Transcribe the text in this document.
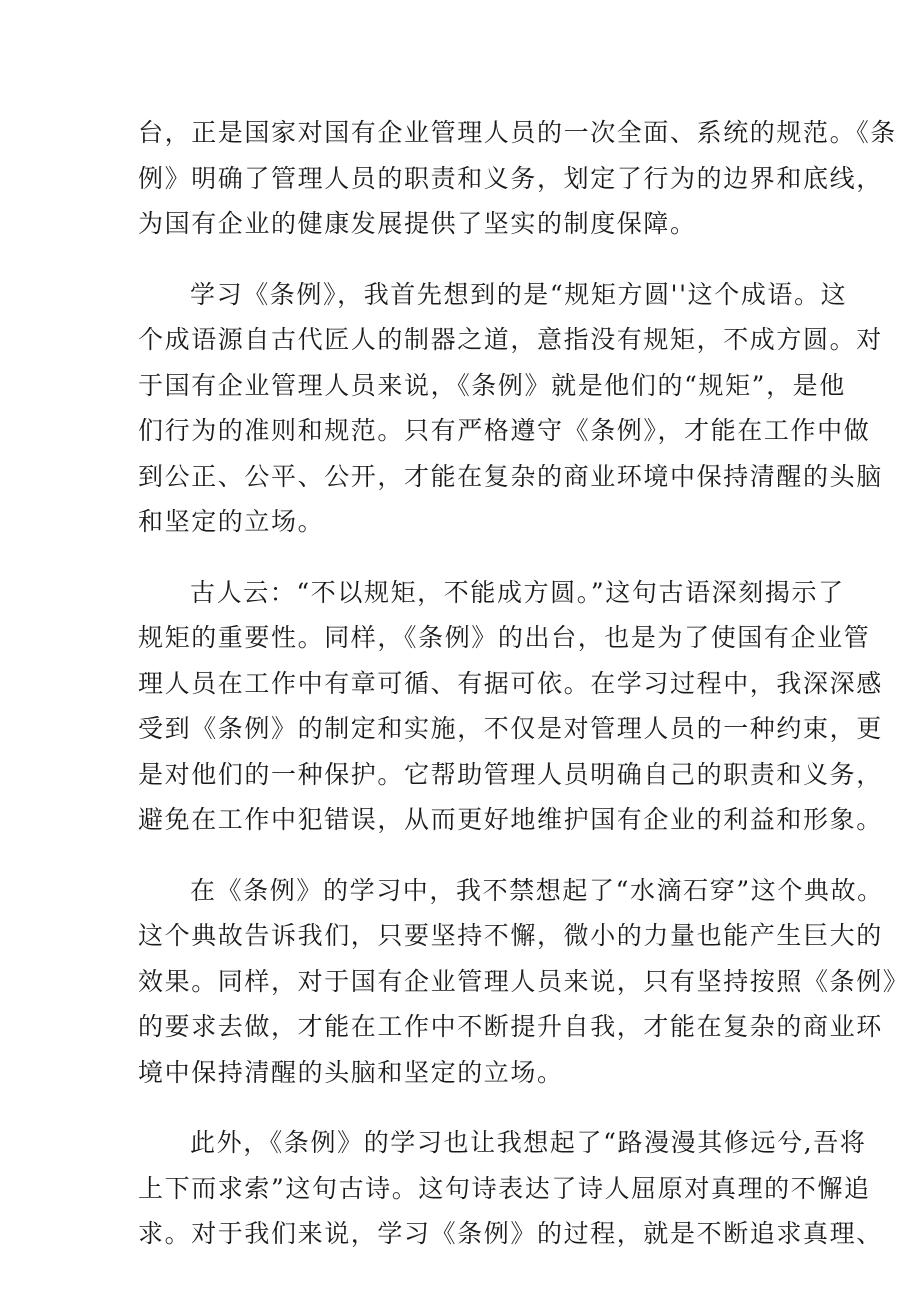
台，正是国家对国有企业管理人员的一次全面、系统的规范。《条
例》明确了管理人员的职责和义务，划定了行为的边界和底线，
为国有企业的健康发展提供了坚实的制度保障。

学习《条例》，我首先想到的是“规矩方圆''这个成语。这
个成语源自古代匠人的制器之道，意指没有规矩，不成方圆。对
于国有企业管理人员来说，《条例》就是他们的“规矩”，是他
们行为的准则和规范。只有严格遵守《条例》，才能在工作中做
到公正、公平、公开，才能在复杂的商业环境中保持清醒的头脑
和坚定的立场。

古人云：“不以规矩，不能成方圆。”这句古语深刻揭示了
规矩的重要性。同样，《条例》的出台，也是为了使国有企业管
理人员在工作中有章可循、有据可依。在学习过程中，我深深感
受到《条例》的制定和实施，不仅是对管理人员的一种约束，更
是对他们的一种保护。它帮助管理人员明确自己的职责和义务，
避免在工作中犯错误，从而更好地维护国有企业的利益和形象。

在《条例》的学习中，我不禁想起了“水滴石穿”这个典故。
这个典故告诉我们，只要坚持不懈，微小的力量也能产生巨大的
效果。同样，对于国有企业管理人员来说，只有坚持按照《条例》
的要求去做，才能在工作中不断提升自我，才能在复杂的商业环
境中保持清醒的头脑和坚定的立场。

此外，《条例》的学习也让我想起了“路漫漫其修远兮,吾将
上下而求索”这句古诗。这句诗表达了诗人屈原对真理的不懈追
求。对于我们来说，学习《条例》的过程，就是不断追求真理、
